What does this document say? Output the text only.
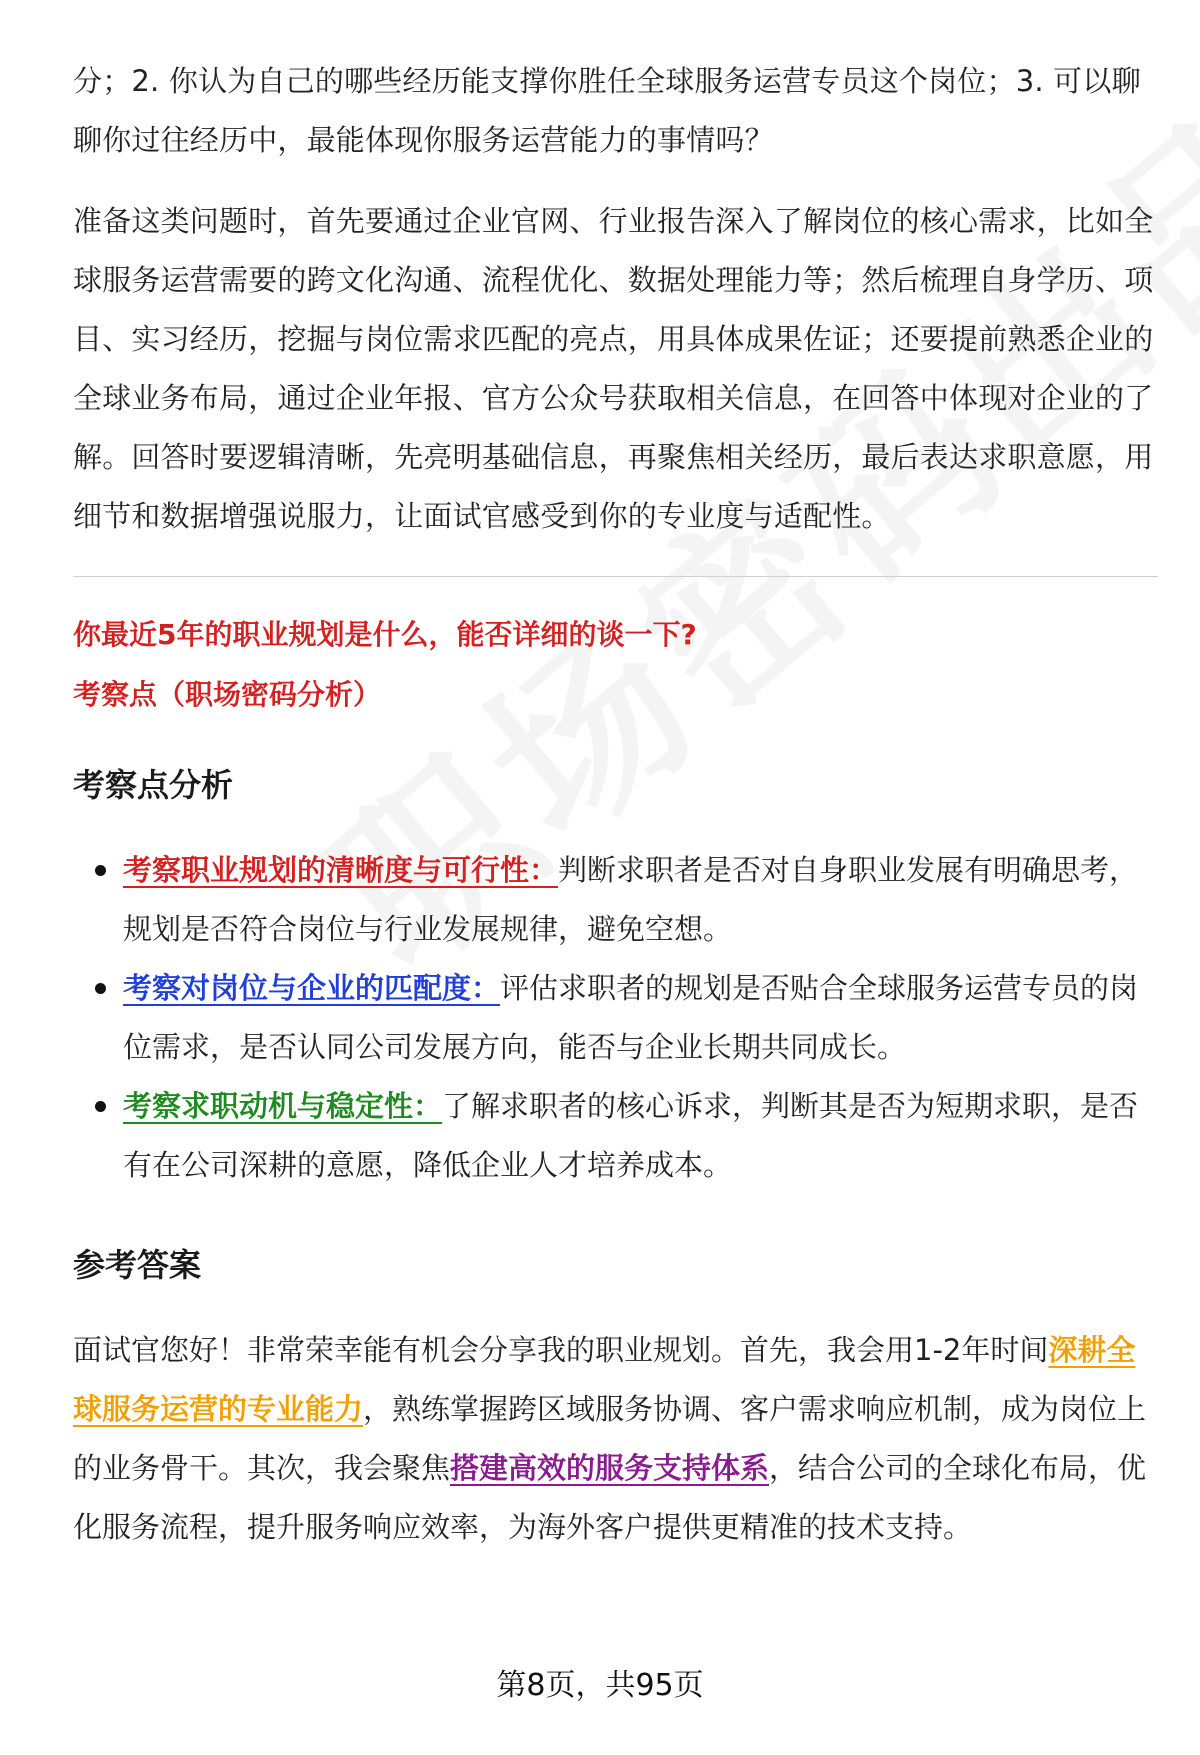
分；2. 你认为自己的哪些经历能支撑你胜任全球服务运营专员这个岗位；3. 可以聊聊你过往经历中，最能体现你服务运营能力的事情吗？

准备这类问题时，首先要通过企业官网、行业报告深入了解岗位的核心需求，比如全球服务运营需要的跨文化沟通、流程优化、数据处理能力等；然后梳理自身学历、项目、实习经历，挖掘与岗位需求匹配的亮点，用具体成果佐证；还要提前熟悉企业的全球业务布局，通过企业年报、官方公众号获取相关信息，在回答中体现对企业的了解。回答时要逻辑清晰，先亮明基础信息，再聚焦相关经历，最后表达求职意愿，用细节和数据增强说服力，让面试官感受到你的专业度与适配性。

你最近5年的职业规划是什么，能否详细的谈一下?

考察点（职场密码分析）

考察点分析
考察职业规划的清晰度与可行性：判断求职者是否对自身职业发展有明确思考，规划是否符合岗位与行业发展规律，避免空想。
考察对岗位与企业的匹配度：评估求职者的规划是否贴合全球服务运营专员的岗位需求，是否认同公司发展方向，能否与企业长期共同成长。
考察求职动机与稳定性：了解求职者的核心诉求，判断其是否为短期求职，是否有在公司深耕的意愿，降低企业人才培养成本。
参考答案

面试官您好！非常荣幸能有机会分享我的职业规划。首先，我会用1-2年时间深耕全球服务运营的专业能力，熟练掌握跨区域服务协调、客户需求响应机制，成为岗位上的业务骨干。其次，我会聚焦搭建高效的服务支持体系，结合公司的全球化布局，优化服务流程，提升服务响应效率，为海外客户提供更精准的技术支持。

第8页，共95页
